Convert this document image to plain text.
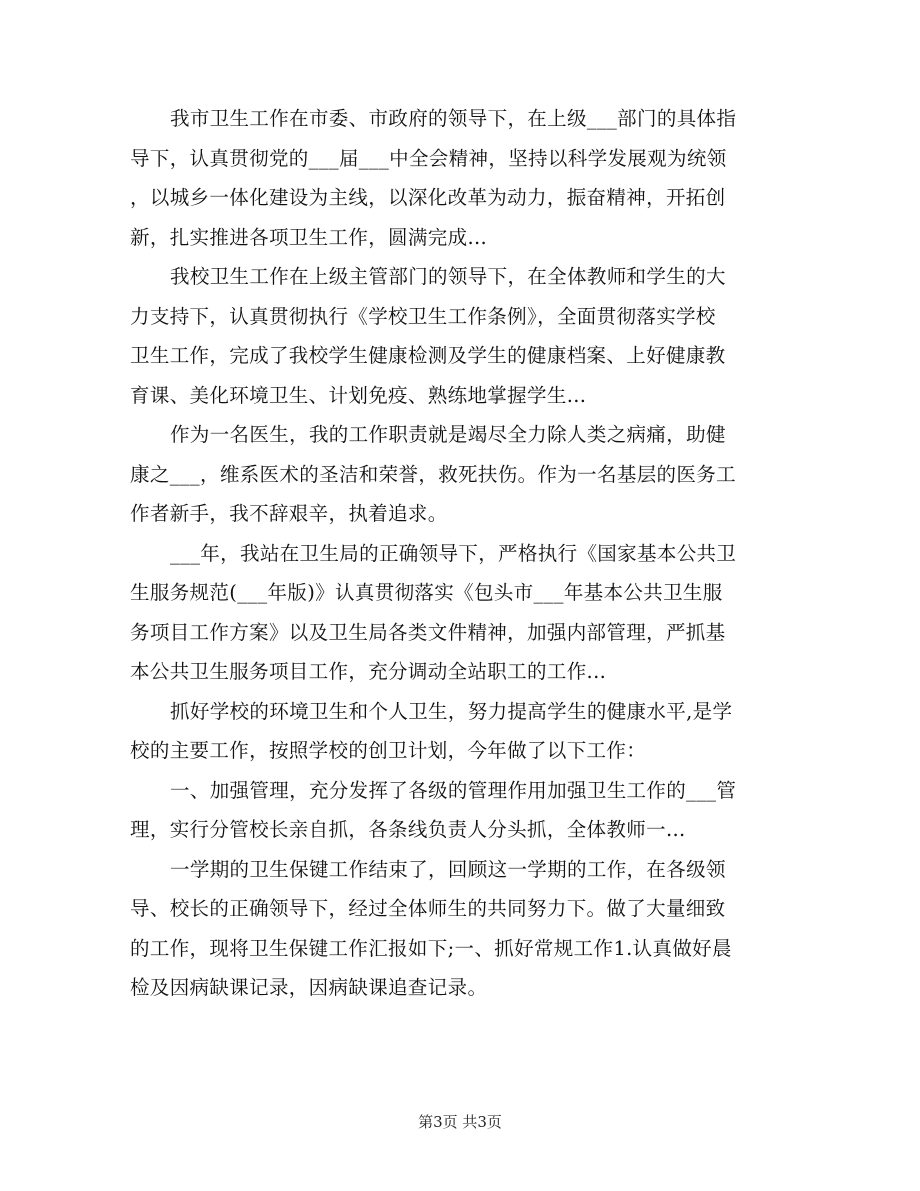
我市卫生工作在市委、市政府的领导下，在上级___部门的具体指
导下，认真贯彻党的___届___中全会精神，坚持以科学发展观为统领
，以城乡一体化建设为主线，以深化改革为动力，振奋精神，开拓创
新，扎实推进各项卫生工作，圆满完成...

我校卫生工作在上级主管部门的领导下，在全体教师和学生的大
力支持下，认真贯彻执行《学校卫生工作条例》，全面贯彻落实学校
卫生工作，完成了我校学生健康检测及学生的健康档案、上好健康教
育课、美化环境卫生、计划免疫、熟练地掌握学生...

作为一名医生，我的工作职责就是竭尽全力除人类之病痛，助健
康之___，维系医术的圣洁和荣誉，救死扶伤。作为一名基层的医务工
作者新手，我不辞艰辛，执着追求。

___年，我站在卫生局的正确领导下，严格执行《国家基本公共卫
生服务规范(___年版)》认真贯彻落实《包头市___年基本公共卫生服
务项目工作方案》以及卫生局各类文件精神，加强内部管理，严抓基
本公共卫生服务项目工作，充分调动全站职工的工作...

抓好学校的环境卫生和个人卫生，努力提高学生的健康水平,是学
校的主要工作，按照学校的创卫计划，今年做了以下工作：

一、加强管理，充分发挥了各级的管理作用加强卫生工作的___管
理，实行分管校长亲自抓，各条线负责人分头抓，全体教师一...

一学期的卫生保键工作结束了，回顾这一学期的工作，在各级领
导、校长的正确领导下，经过全体师生的共同努力下。做了大量细致
的工作，现将卫生保键工作汇报如下;一、抓好常规工作1.认真做好晨
检及因病缺课记录，因病缺课追查记录。

第3页 共3页
